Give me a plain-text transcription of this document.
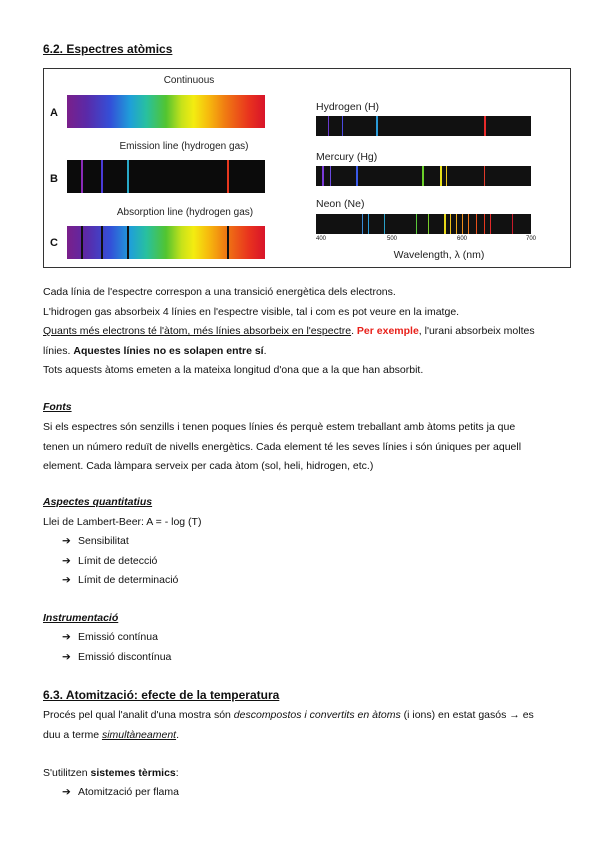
6.2. Espectres atòmics
Continuous
A
Emission line (hydrogen gas)
B
Absorption line (hydrogen gas)
C
Hydrogen (H)
Mercury (Hg)
Neon (Ne)
400	500	600	700
Wavelength, λ (nm)
Cada línia de l'espectre correspon a una transició energètica dels electrons.
L'hidrogen gas absorbeix 4 línies en l'espectre visible, tal i com es pot veure en la imatge.
Quants més electrons té l'àtom, més línies absorbeix en l'espectre. Per exemple, l'urani absorbeix moltes
línies. Aquestes línies no es solapen entre sí.
Tots aquests àtoms emeten a la mateixa longitud d'ona que a la que han absorbit.
Fonts
Si els espectres són senzills i tenen poques línies és perquè estem treballant amb àtoms petits ja que
tenen un número reduït de nivells energètics. Cada element té les seves línies i són úniques per aquell
element. Cada làmpara serveix per cada àtom (sol, heli, hidrogen, etc.)
Aspectes quantitatius
Llei de Lambert-Beer: A = - log (T)
➔ Sensibilitat
➔ Límit de detecció
➔ Límit de determinació
Instrumentació
➔ Emissió contínua
➔ Emissió discontínua
6.3. Atomització: efecte de la temperatura
Procés pel qual l'analit d'una mostra són descompostos i convertits en àtoms (i ions) en estat gasós → es
duu a terme simultàneament.
S'utilitzen sistemes tèrmics:
➔ Atomització per flama
